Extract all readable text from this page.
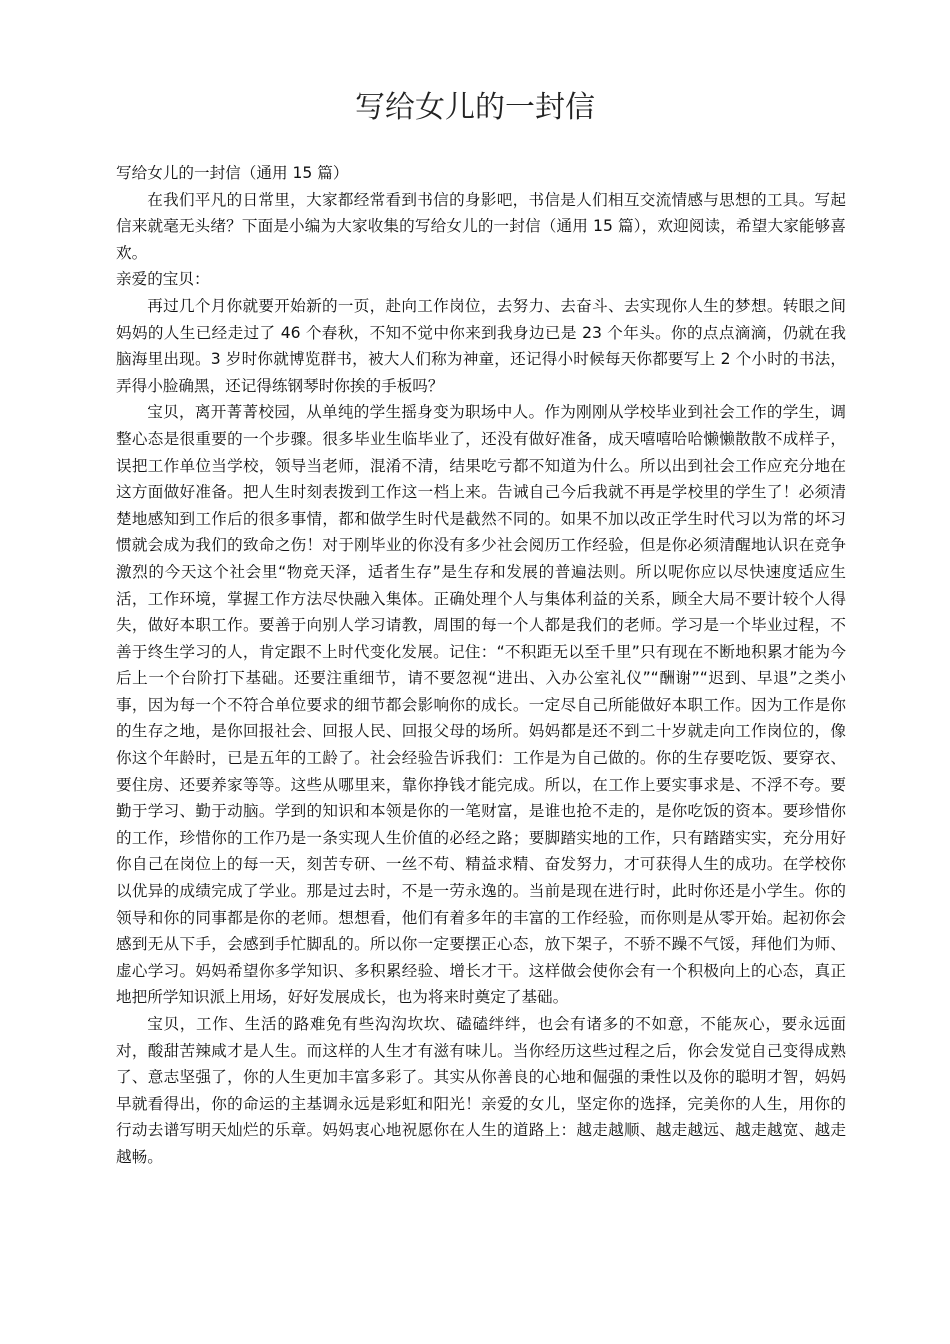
写给女儿的一封信

写给女儿的一封信（通用 15 篇）

在我们平凡的日常里，大家都经常看到书信的身影吧，书信是人们相互交流情感与思想的工具。写起信来就毫无头绪？下面是小编为大家收集的写给女儿的一封信（通用 15 篇），欢迎阅读，希望大家能够喜欢。

亲爱的宝贝：

再过几个月你就要开始新的一页，赴向工作岗位，去努力、去奋斗、去实现你人生的梦想。转眼之间妈妈的人生已经走过了 46 个春秋，不知不觉中你来到我身边已是 23 个年头。你的点点滴滴，仍就在我脑海里出现。3 岁时你就博览群书，被大人们称为神童，还记得小时候每天你都要写上 2 个小时的书法，弄得小脸确黑，还记得练钢琴时你挨的手板吗？

宝贝，离开菁菁校园，从单纯的学生摇身变为职场中人。作为刚刚从学校毕业到社会工作的学生，调整心态是很重要的一个步骤。很多毕业生临毕业了，还没有做好准备，成天嘻嘻哈哈懒懒散散不成样子，误把工作单位当学校，领导当老师，混淆不清，结果吃亏都不知道为什么。所以出到社会工作应充分地在这方面做好准备。把人生时刻表拨到工作这一档上来。告诫自己今后我就不再是学校里的学生了！必须清楚地感知到工作后的很多事情，都和做学生时代是截然不同的。如果不加以改正学生时代习以为常的坏习惯就会成为我们的致命之伤！对于刚毕业的你没有多少社会阅历工作经验，但是你必须清醒地认识在竞争激烈的今天这个社会里“物竞天泽，适者生存”是生存和发展的普遍法则。所以呢你应以尽快速度适应生活，工作环境，掌握工作方法尽快融入集体。正确处理个人与集体利益的关系，顾全大局不要计较个人得失，做好本职工作。要善于向别人学习请教，周围的每一个人都是我们的老师。学习是一个毕业过程，不善于终生学习的人，肯定跟不上时代变化发展。记住：“不积距无以至千里”只有现在不断地积累才能为今后上一个台阶打下基础。还要注重细节，请不要忽视“进出、入办公室礼仪”“酬谢”“迟到、早退”之类小事，因为每一个不符合单位要求的细节都会影响你的成长。一定尽自己所能做好本职工作。因为工作是你的生存之地，是你回报社会、回报人民、回报父母的场所。妈妈都是还不到二十岁就走向工作岗位的，像你这个年龄时，已是五年的工龄了。社会经验告诉我们：工作是为自己做的。你的生存要吃饭、要穿衣、要住房、还要养家等等。这些从哪里来，靠你挣钱才能完成。所以，在工作上要实事求是、不浮不夸。要勤于学习、勤于动脑。学到的知识和本领是你的一笔财富，是谁也抢不走的，是你吃饭的资本。要珍惜你的工作，珍惜你的工作乃是一条实现人生价值的必经之路；要脚踏实地的工作，只有踏踏实实，充分用好你自己在岗位上的每一天，刻苦专研、一丝不苟、精益求精、奋发努力，才可获得人生的成功。在学校你以优异的成绩完成了学业。那是过去时，不是一劳永逸的。当前是现在进行时，此时你还是小学生。你的领导和你的同事都是你的老师。想想看，他们有着多年的丰富的工作经验，而你则是从零开始。起初你会感到无从下手，会感到手忙脚乱的。所以你一定要摆正心态，放下架子，不骄不躁不气馁，拜他们为师、虚心学习。妈妈希望你多学知识、多积累经验、增长才干。这样做会使你会有一个积极向上的心态，真正地把所学知识派上用场，好好发展成长，也为将来时奠定了基础。

宝贝，工作、生活的路难免有些沟沟坎坎、磕磕绊绊，也会有诸多的不如意，不能灰心，要永远面对，酸甜苦辣咸才是人生。而这样的人生才有滋有味儿。当你经历这些过程之后，你会发觉自己变得成熟了、意志坚强了，你的人生更加丰富多彩了。其实从你善良的心地和倔强的秉性以及你的聪明才智，妈妈早就看得出，你的命运的主基调永远是彩虹和阳光！亲爱的女儿，坚定你的选择，完美你的人生，用你的行动去谱写明天灿烂的乐章。妈妈衷心地祝愿你在人生的道路上：越走越顺、越走越远、越走越宽、越走越畅。
